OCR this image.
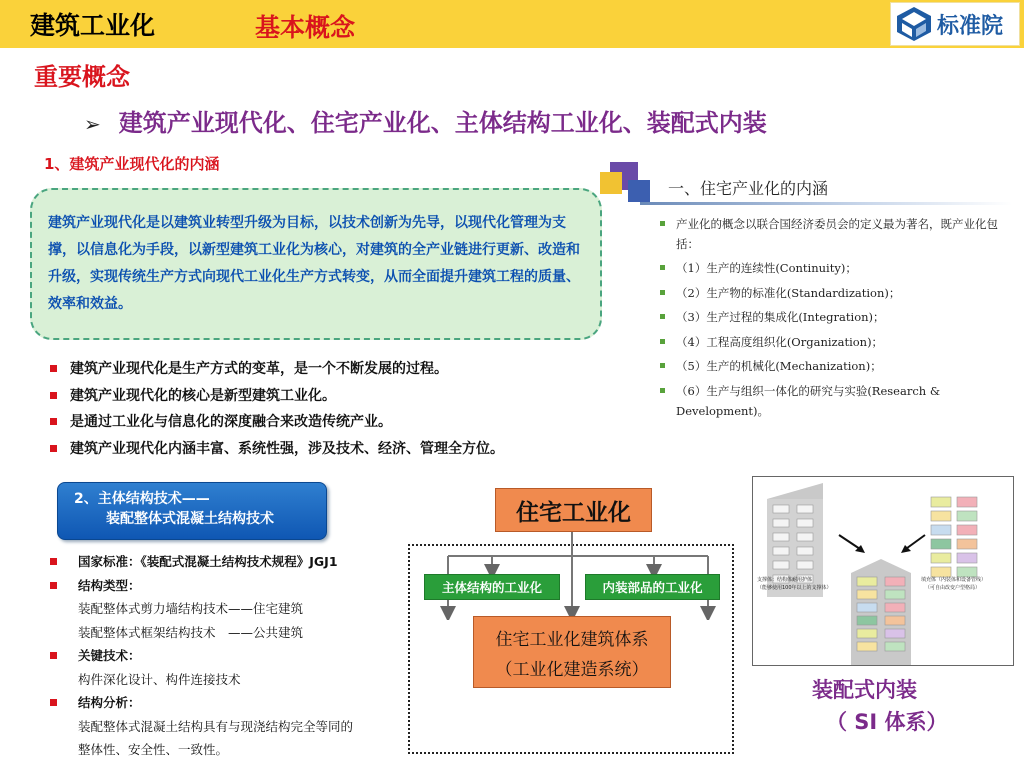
建筑工业化	基本概念	标准院
重要概念
➢ 建筑产业现代化、住宅产业化、主体结构工业化、装配式内装
1、建筑产业现代化的内涵

建筑产业现代化是以建筑业转型升级为目标，以技术创新为先导，以现代化管理为支撑，以信息化为手段，以新型建筑工业化为核心，对建筑的全产业链进行更新、改造和升级，实现传统生产方式向现代工业化生产方式转变，从而全面提升建筑工程的质量、效率和效益。

建筑产业现代化是生产方式的变革，是一个不断发展的过程。
建筑产业现代化的核心是新型建筑工业化。
是通过工业化与信息化的深度融合来改造传统产业。
建筑产业现代化内涵丰富、系统性强，涉及技术、经济、管理全方位。
一、住宅产业化的内涵
产业化的概念以联合国经济委员会的定义最为著名，既产业化包括：
（1）生产的连续性(Continuity)；
（2）生产物的标准化(Standardization)；
（3）生产过程的集成化(Integration)；
（4）工程高度组织化(Organization)；
（5）生产的机械化(Mechanization)；
（6）生产与组织一体化的研究与实验(Research & Development)。
2、主体结构技术——
装配整体式混凝土结构技术
国家标准：《装配式混凝土结构技术规程》JGJ1
结构类型：
装配整体式剪力墙结构技术——住宅建筑
装配整体式框架结构技术　——公共建筑
关键技术：
构件深化设计、构件连接技术
结构分析：
装配整体式混凝土结构具有与现浇结构完全等同的
整体性、安全性、一致性。
住宅工业化
主体结构的工业化	内装部品的工业化
住宅工业化建筑体系
（工业化建造系统）
支撑体：结构体耐用护体
（能够使用100年以上的支撑体）
填充体（内装体和设备管线）
（可自由改变户型格局）
装配式内装
（ SI 体系）
